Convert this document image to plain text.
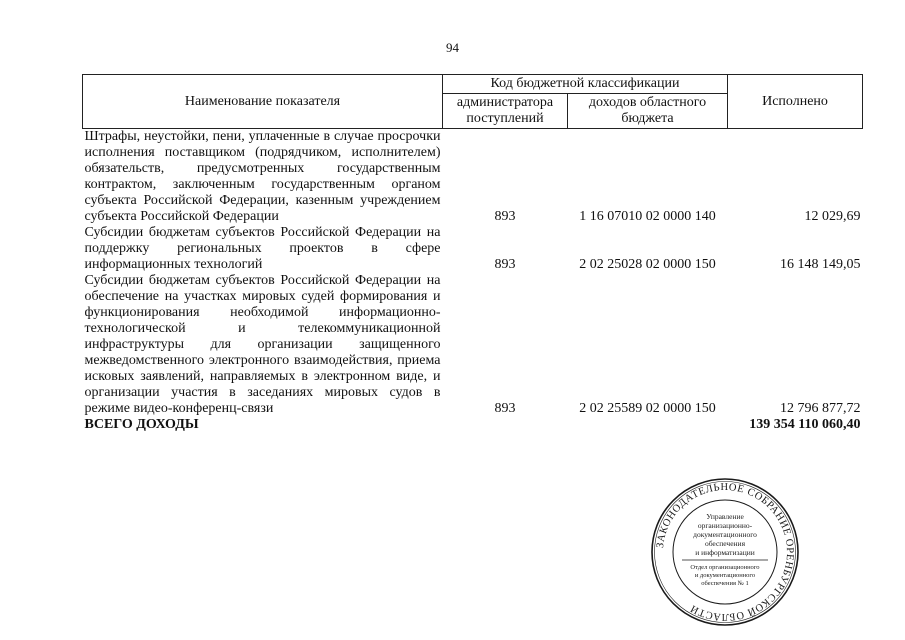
94
Наименование показателя	Код бюджетной классификации		Исполнено
	администратора поступлений	доходов областного бюджета	
Штрафы, неустойки, пени, уплаченные в случае просрочки исполнения поставщиком (подрядчиком, исполнителем) обязательств, предусмотренных государственным контрактом, заключенным государственным органом субъекта Российской Федерации, казенным учреждением субъекта Российской Федерации	893	1 16 07010 02 0000 140	12 029,69
Субсидии бюджетам субъектов Российской Федерации на поддержку региональных проектов в сфере информационных технологий	893	2 02 25028 02 0000 150	16 148 149,05
Субсидии бюджетам субъектов Российской Федерации на обеспечение на участках мировых судей формирования и функционирования необходимой информационно-технологической и телекоммуникационной инфраструктуры для организации защищенного межведомственного электронного взаимодействия, приема исковых заявлений, направляемых в электронном виде, и организации участия в заседаниях мировых судов в режиме видео-конференц-связи	893	2 02 25589 02 0000 150	12 796 877,72
ВСЕГО ДОХОДЫ			139 354 110 060,40
ЗАКОНОДАТЕЛЬНОЕ СОБРАНИЕ ОРЕНБУРГСКОЙ ОБЛАСТИ
Управление
организационно-
документационного
обеспечения
и информатизации
Отдел организационного
и документационного
обеспечения № 1
